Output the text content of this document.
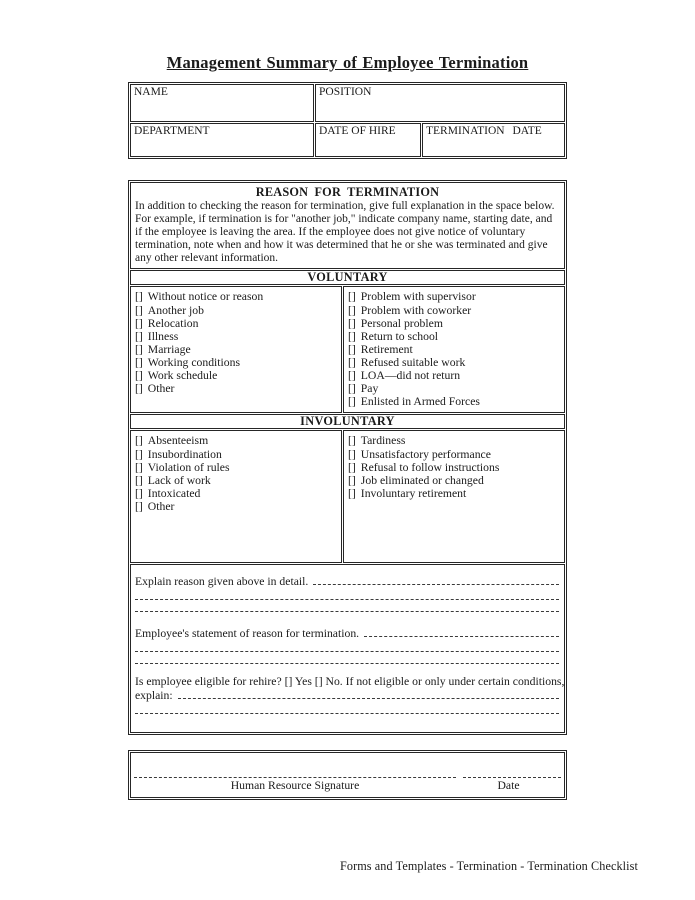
Management Summary of Employee Termination
NAME	POSITION
DEPARTMENT	DATE OF HIRE	TERMINATION DATE
REASON FOR TERMINATION
In addition to checking the reason for termination, give full explanation in the space below. For example, if termination is for "another job," indicate company name, starting date, and if the employee is leaving the area. If the employee does not give notice of voluntary termination, note when and how it was determined that he or she was terminated and give any other relevant information.
VOLUNTARY
[] Without notice or reason
[] Another job
[] Relocation
[] Illness
[] Marriage
[] Working conditions
[] Work schedule
[] Other
[] Problem with supervisor
[] Problem with coworker
[] Personal problem
[] Return to school
[] Retirement
[] Refused suitable work
[] LOA—did not return
[] Pay
[] Enlisted in Armed Forces
INVOLUNTARY
[] Absenteeism
[] Insubordination
[] Violation of rules
[] Lack of work
[] Intoxicated
[] Other
[] Tardiness
[] Unsatisfactory performance
[] Refusal to follow instructions
[] Job eliminated or changed
[] Involuntary retirement
Explain reason given above in detail.
Employee's statement of reason for termination.
Is employee eligible for rehire? [] Yes [] No. If not eligible or only under certain conditions,
explain:
Human Resource Signature	Date
Forms and Templates - Termination - Termination Checklist
